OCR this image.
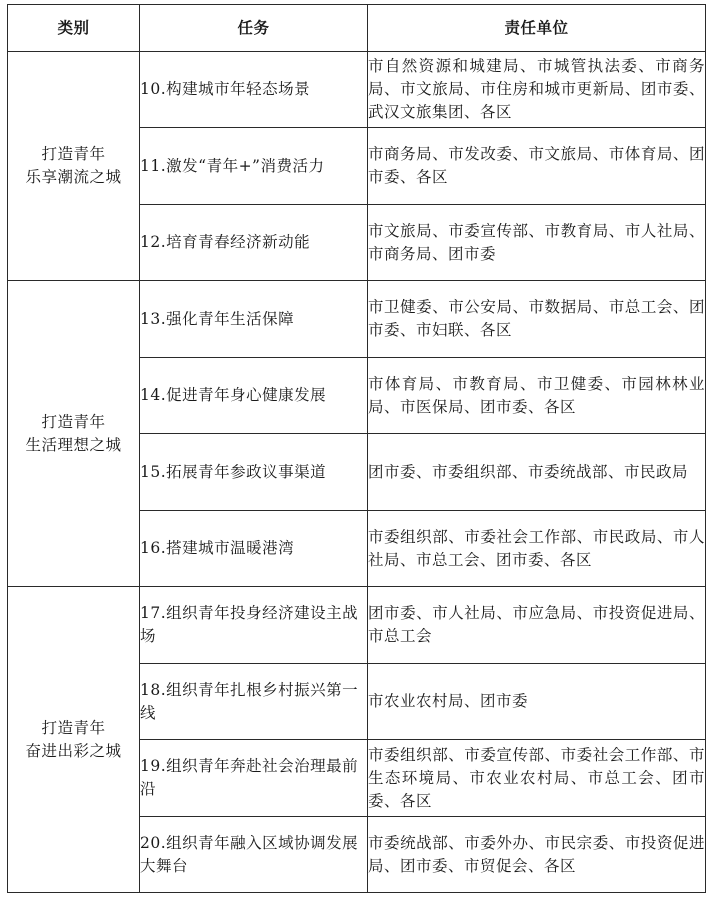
类别	任务	责任单位

打造青年
乐享潮流之城	10.构建城市年轻态场景	市自然资源和城建局、市城管执法委、市商务局、市文旅局、市住房和城市更新局、团市委、武汉文旅集团、各区
	11.激发“青年+”消费活力	市商务局、市发改委、市文旅局、市体育局、团市委、各区
	12.培育青春经济新动能	市文旅局、市委宣传部、市教育局、市人社局、市商务局、团市委

打造青年
生活理想之城	13.强化青年生活保障	市卫健委、市公安局、市数据局、市总工会、团市委、市妇联、各区
	14.促进青年身心健康发展	市体育局、市教育局、市卫健委、市园林林业局、市医保局、团市委、各区
	15.拓展青年参政议事渠道	团市委、市委组织部、市委统战部、市民政局
	16.搭建城市温暖港湾	市委组织部、市委社会工作部、市民政局、市人社局、市总工会、团市委、各区

打造青年
奋进出彩之城	17.组织青年投身经济建设主战场	团市委、市人社局、市应急局、市投资促进局、市总工会
	18.组织青年扎根乡村振兴第一线	市农业农村局、团市委
	19.组织青年奔赴社会治理最前沿	市委组织部、市委宣传部、市委社会工作部、市生态环境局、市农业农村局、市总工会、团市委、各区
	20.组织青年融入区域协调发展大舞台	市委统战部、市委外办、市民宗委、市投资促进局、团市委、市贸促会、各区
